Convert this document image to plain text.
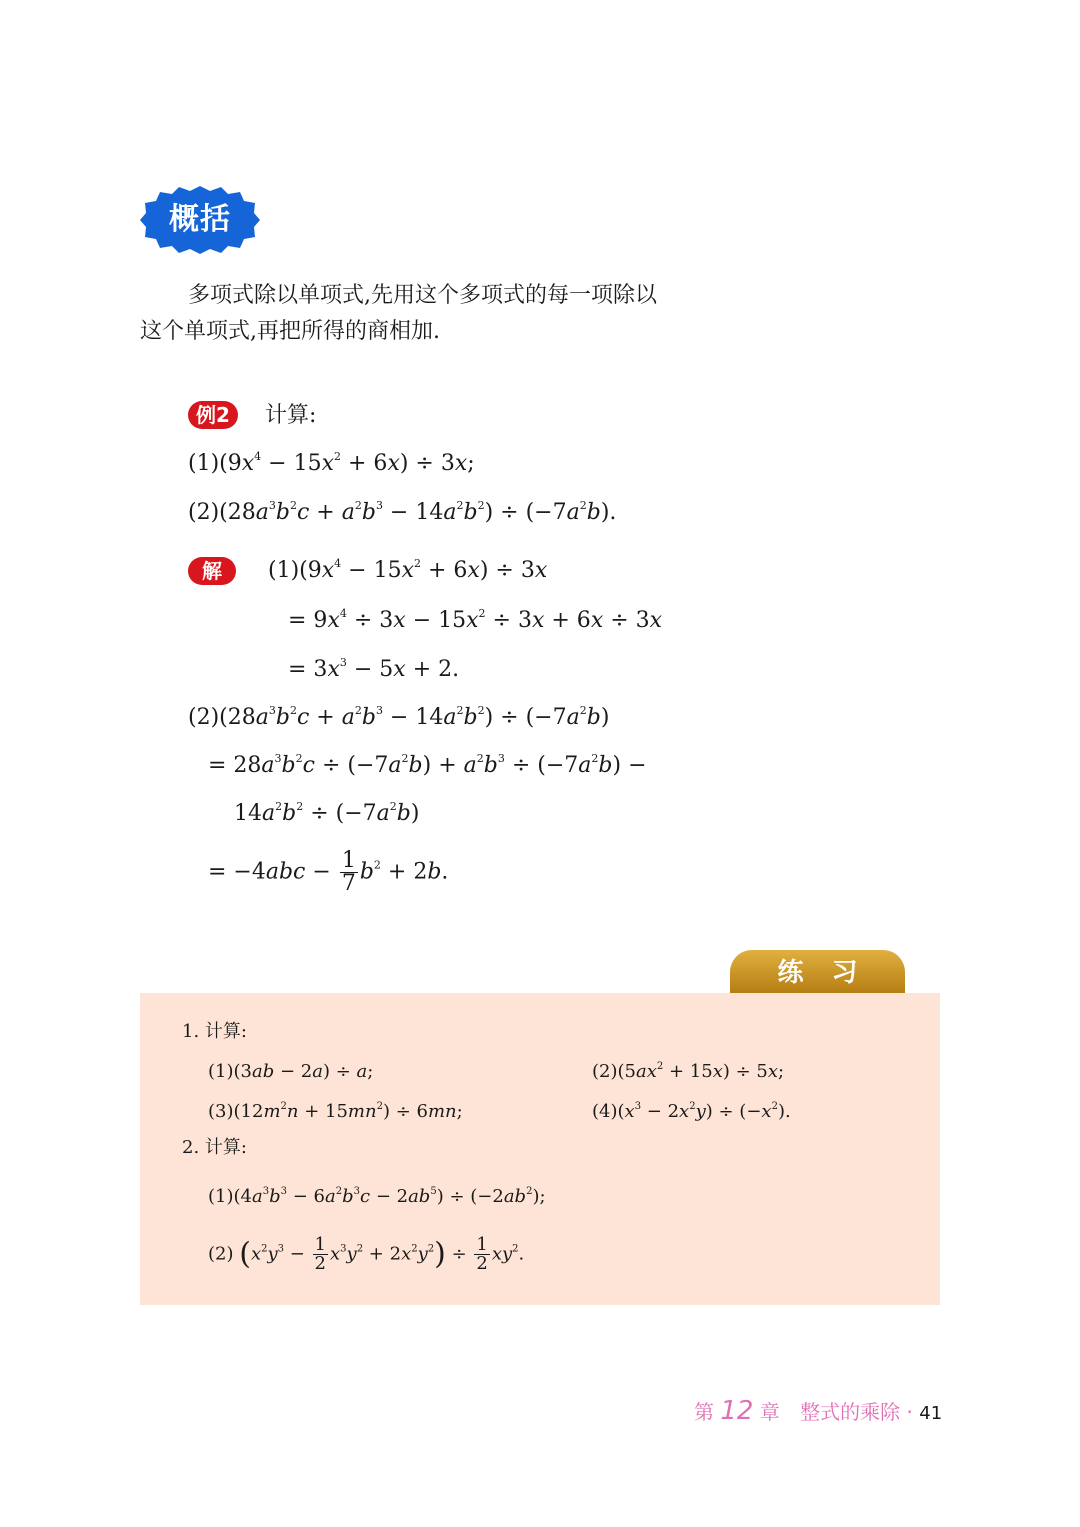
概括
多项式除以单项式,先用这个多项式的每一项除以
这个单项式,再把所得的商相加.
例2 计算:
$(1)(9x^4 - 15x^2 + 6x) \div 3x$;
$(2)(28a^3b^2c + a^2b^3 - 14a^2b^2) \div (-7a^2b)$.
解	$(1)(9x^4 - 15x^2 + 6x) \div 3x$
= $9x^4 \div 3x - 15x^2 \div 3x + 6x \div 3x$
= $3x^3 - 5x + 2$.
$(2)(28a^3b^2c + a^2b^3 - 14a^2b^2) \div (-7a^2b)$
= $28a^3b^2c \div (-7a^2b) + a^2b^3 \div (-7a^2b)$ −
$14a^2b^2 \div (-7a^2b)$
= $-4abc - \frac{1}{7} b^2 + 2b$.
练习
1. 计算:
(1)(3ab − 2a) ÷ a;	$(2)(5ax^2 + 15x) \div 5x$;
$(3)(12m^2n + 15mn^2) \div 6mn$;	$(4)(x^3 - 2x^2y) \div (-x^2)$.
2. 计算:
$(1)(4a^3b^3 - 6a^2b^3c - 2ab^5) \div (-2ab^2)$;
(2) $(x^2y^3 - \frac{1}{2} x^3y^2 + 2x^2y^2) \div \frac{1}{2} xy^2$.
第 12 章 整式的乘除 · 41
